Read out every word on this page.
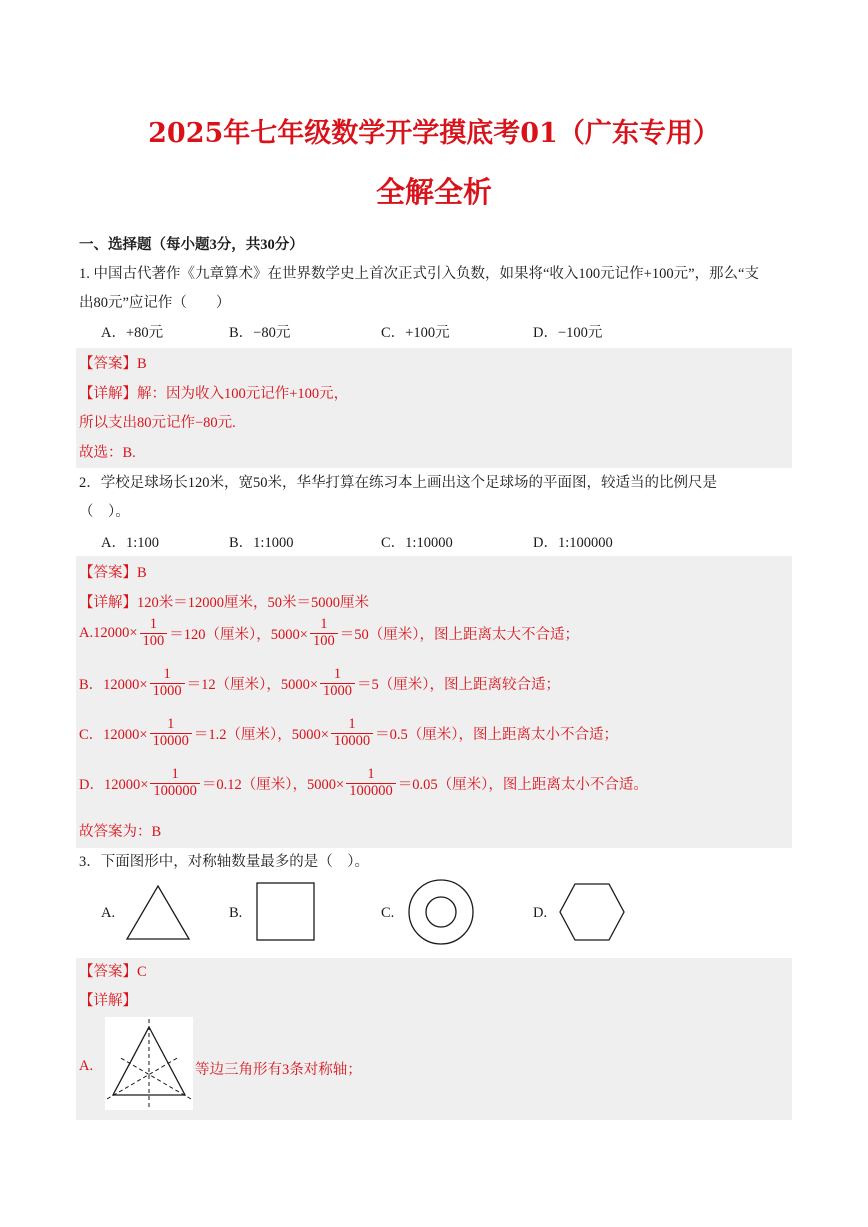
2025年七年级数学开学摸底考01（广东专用）
全解全析
一、选择题（每小题3分，共30分）
1. 中国古代著作《九章算术》在世界数学史上首次正式引入负数，如果将“收入100元记作+100元”，那么“支
出80元”应记作（　　）
A．+80元	B．−80元	C．+100元	D．−100元
【答案】B
【详解】解：因为收入100元记作+100元，
所以支出80元记作−80元.
故选：B.
2．学校足球场长120米，宽50米，华华打算在练习本上画出这个足球场的平面图，较适当的比例尺是
（　）。
A．1:100	B．1:1000	C．1:10000	D．1:100000
【答案】B
【详解】120米＝12000厘米，50米＝5000厘米
$A.12000\times \frac{1}{100} =120$（厘米），$5000\times \frac{1}{100} =50$（厘米），图上距离太大不合适；
B．$12000\times \frac{1}{1000} =12$（厘米），$5000\times \frac{1}{1000} =5$（厘米），图上距离较合适；
C．$12000\times \frac{1}{10000} =1.2$（厘米），$5000\times \frac{1}{10000} =0.5$（厘米），图上距离太小不合适；
D．$12000\times \frac{1}{100000} =0.12$（厘米），$5000\times \frac{1}{100000} =0.05$（厘米），图上距离太小不合适。
故答案为：B
3．下面图形中，对称轴数量最多的是（　）。
A.	B.	C.	D.
【答案】C
【详解】
A.	等边三角形有3条对称轴；
